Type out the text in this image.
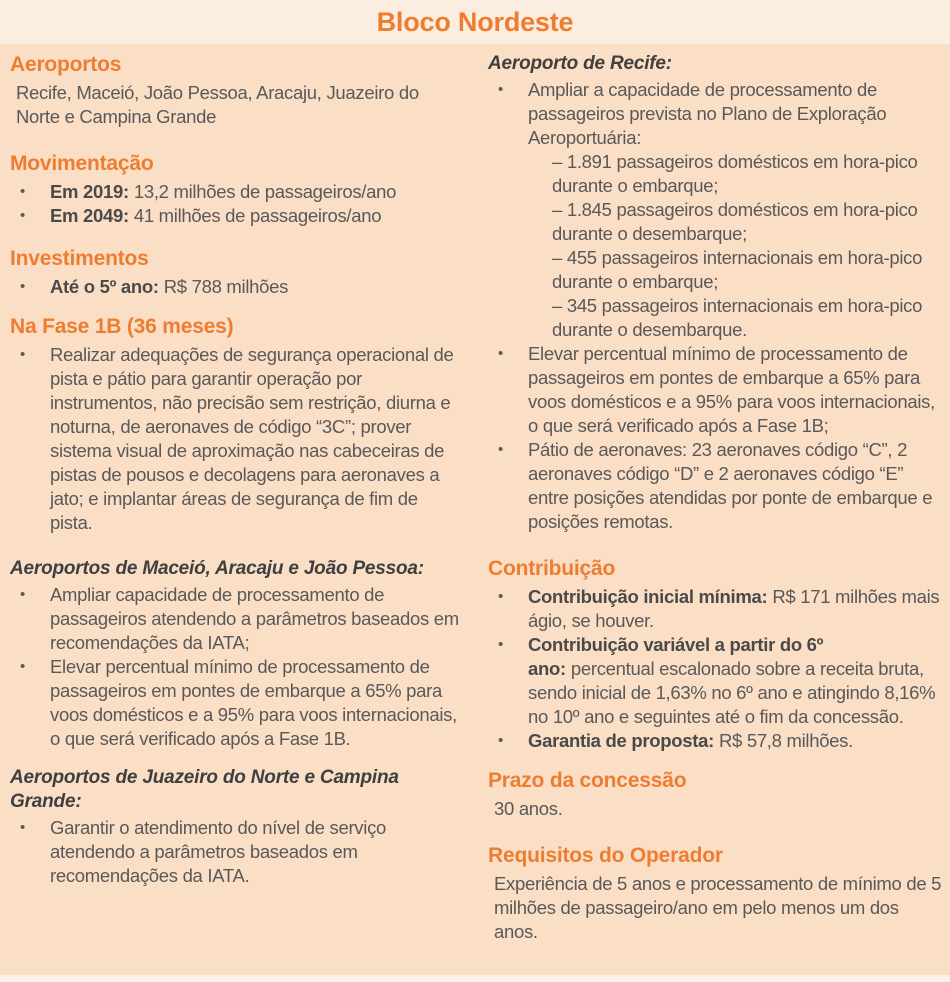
Bloco Nordeste
Aeroportos

Recife, Maceió, João Pessoa, Aracaju, Juazeiro do Norte e Campina Grande

Movimentação
• Em 2019: 13,2 milhões de passageiros/ano
• Em 2049: 41 milhões de passageiros/ano
Investimentos
• Até o 5º ano: R$ 788 milhões
Na Fase 1B (36 meses)
• Realizar adequações de segurança operacional de pista e pátio para garantir operação por instrumentos, não precisão sem restrição, diurna e noturna, de aeronaves de código “3C”; prover sistema visual de aproximação nas cabeceiras de pistas de pousos e decolagens para aeronaves a jato; e implantar áreas de segurança de fim de pista.
Aeroportos de Maceió, Aracaju e João Pessoa:
• Ampliar capacidade de processamento de passageiros atendendo a parâmetros baseados em recomendações da IATA;
• Elevar percentual mínimo de processamento de passageiros em pontes de embarque a 65% para voos domésticos e a 95% para voos internacionais, o que será verificado após a Fase 1B.
Aeroportos de Juazeiro do Norte e Campina Grande:
• Garantir o atendimento do nível de serviço atendendo a parâmetros baseados em recomendações da IATA.
Aeroporto de Recife:
• Ampliar a capacidade de processamento de passageiros prevista no Plano de Exploração Aeroportuária:
– 1.891 passageiros domésticos em hora-pico durante o embarque;
– 1.845 passageiros domésticos em hora-pico durante o desembarque;
– 455 passageiros internacionais em hora-pico durante o embarque;
– 345 passageiros internacionais em hora-pico durante o desembarque.
• Elevar percentual mínimo de processamento de passageiros em pontes de embarque a 65% para voos domésticos e a 95% para voos internacionais, o que será verificado após a Fase 1B;
• Pátio de aeronaves: 23 aeronaves código “C”, 2 aeronaves código “D” e 2 aeronaves código “E” entre posições atendidas por ponte de embarque e posições remotas.
Contribuição
• Contribuição inicial mínima: R$ 171 milhões mais ágio, se houver.
• Contribuição variável a partir do 6º ano: percentual escalonado sobre a receita bruta, sendo inicial de 1,63% no 6º ano e atingindo 8,16% no 10º ano e seguintes até o fim da concessão.
• Garantia de proposta: R$ 57,8 milhões.
Prazo da concessão

30 anos.

Requisitos do Operador

Experiência de 5 anos e processamento de mínimo de 5 milhões de passageiro/ano em pelo menos um dos anos.
